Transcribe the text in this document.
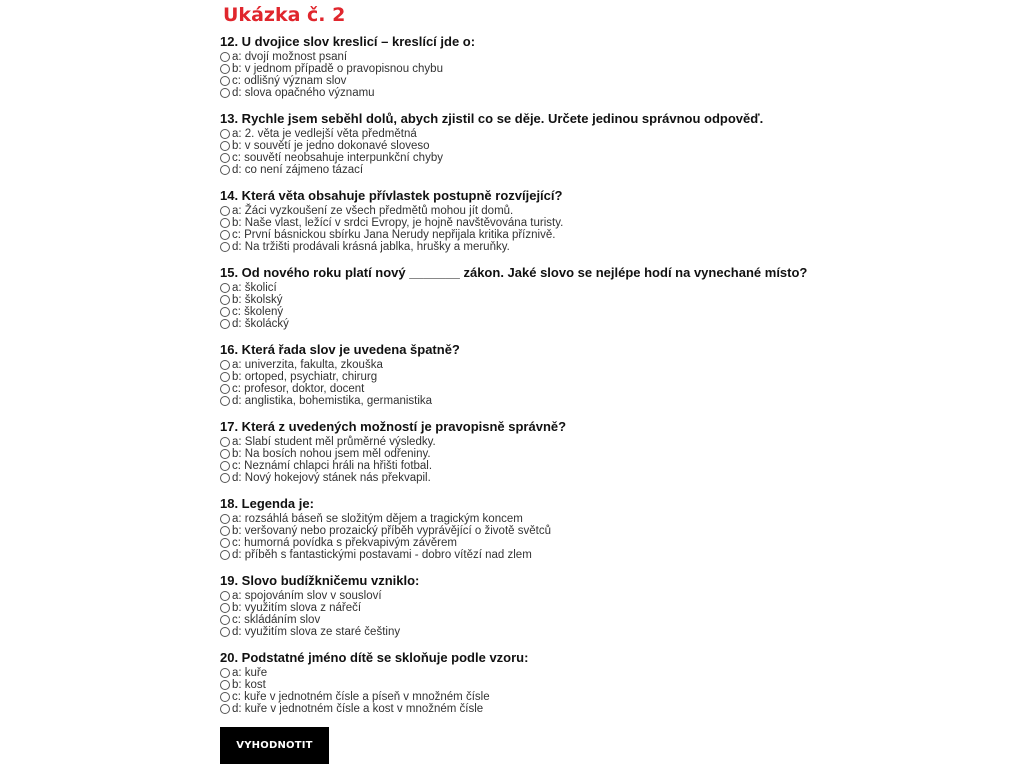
Ukázka č. 2
12. U dvojice slov kreslicí – kreslící jde o:
a: dvojí možnost psaní
b: v jednom případě o pravopisnou chybu
c: odlišný význam slov
d: slova opačného významu
13. Rychle jsem seběhl dolů, abych zjistil co se děje. Určete jedinou správnou odpověď.
a: 2. věta je vedlejší věta předmětná
b: v souvětí je jedno dokonavé sloveso
c: souvětí neobsahuje interpunkční chyby
d: co není zájmeno tázací
14. Která věta obsahuje přívlastek postupně rozvíjející?
a: Žáci vyzkoušení ze všech předmětů mohou jít domů.
b: Naše vlast, ležící v srdci Evropy, je hojně navštěvována turisty.
c: První básnickou sbírku Jana Nerudy nepřijala kritika příznivě.
d: Na tržišti prodávali krásná jablka, hrušky a meruňky.
15. Od nového roku platí nový _______ zákon. Jaké slovo se nejlépe hodí na vynechané místo?
a: školicí
b: školský
c: školený
d: školácký
16. Která řada slov je uvedena špatně?
a: univerzita, fakulta, zkouška
b: ortoped, psychiatr, chirurg
c: profesor, doktor, docent
d: anglistika, bohemistika, germanistika
17. Která z uvedených možností je pravopisně správně?
a: Slabí student měl průměrné výsledky.
b: Na bosích nohou jsem měl odřeniny.
c: Neznámí chlapci hráli na hřišti fotbal.
d: Nový hokejový stánek nás překvapil.
18. Legenda je:
a: rozsáhlá báseň se složitým dějem a tragickým koncem
b: veršovaný nebo prozaický příběh vyprávějící o životě světců
c: humorná povídka s překvapivým závěrem
d: příběh s fantastickými postavami - dobro vítězí nad zlem
19. Slovo budížkničemu vzniklo:
a: spojováním slov v sousloví
b: využitím slova z nářečí
c: skládáním slov
d: využitím slova ze staré češtiny
20. Podstatné jméno dítě se skloňuje podle vzoru:
a: kuře
b: kost
c: kuře v jednotném čísle a píseň v množném čísle
d: kuře v jednotném čísle a kost v množném čísle
VYHODNOTIT
